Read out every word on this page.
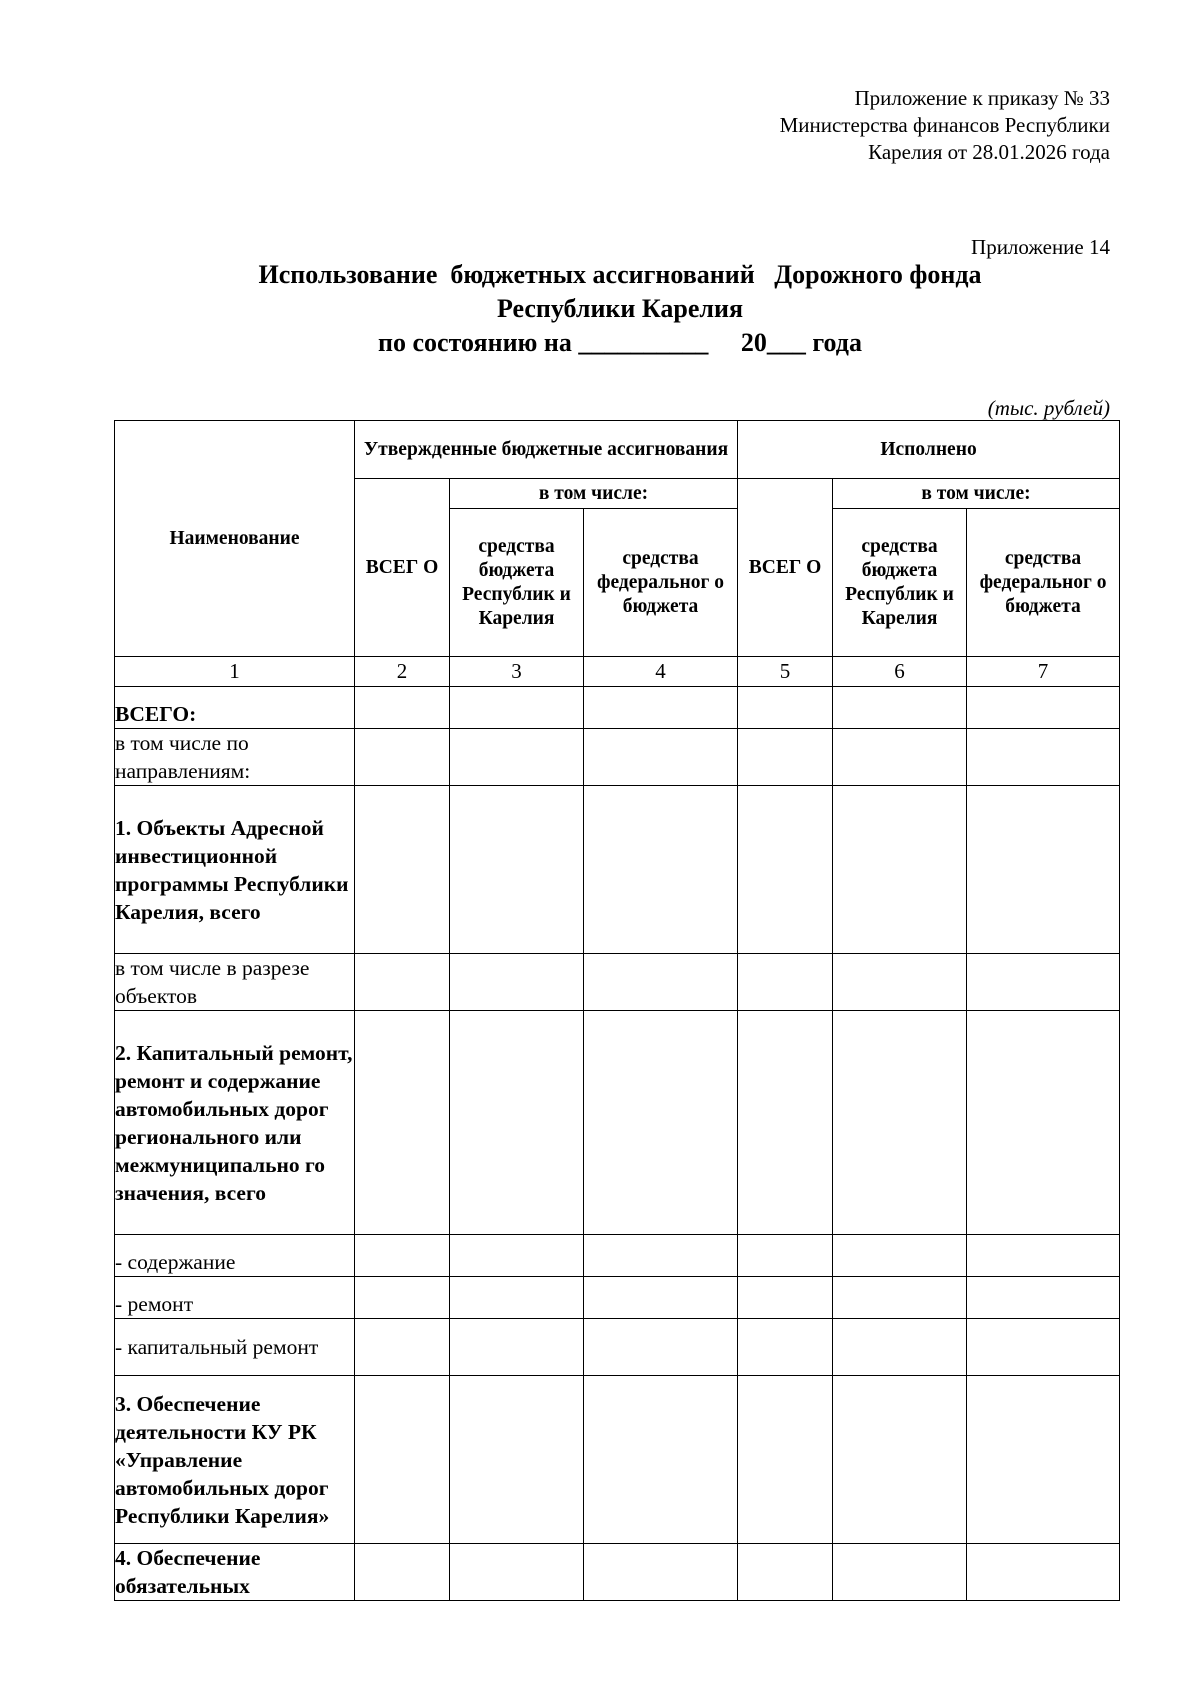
Приложение к приказу № 33
Министерства финансов Республики
Карелия от 28.01.2026 года
Приложение 14
Использование  бюджетных ассигнований   Дорожного фонда
Республики Карелия
по состоянию на __________     20___ года
(тыс. рублей)
Наименование	Утвержденные бюджетные ассигнования			Исполнено		
	ВСЕГ О	в том числе:		ВСЕГ О	в том числе:	
		средства бюджета Республик и Карелия	средства федеральног о бюджета		средства бюджета Республик и Карелия	средства федеральног о бюджета
1	2	3	4	5	6	7
ВСЕГО:						
в том числе по направлениям:						
1. Объекты Адресной инвестиционной программы Республики Карелия, всего						
в том числе в разрезе объектов						
2. Капитальный ремонт, ремонт и содержание автомобильных дорог регионального или межмуниципально го значения, всего						
- содержание						
- ремонт						
- капитальный ремонт						
3. Обеспечение деятельности КУ РК «Управление автомобильных дорог Республики Карелия»						
4. Обеспечение обязательных						
